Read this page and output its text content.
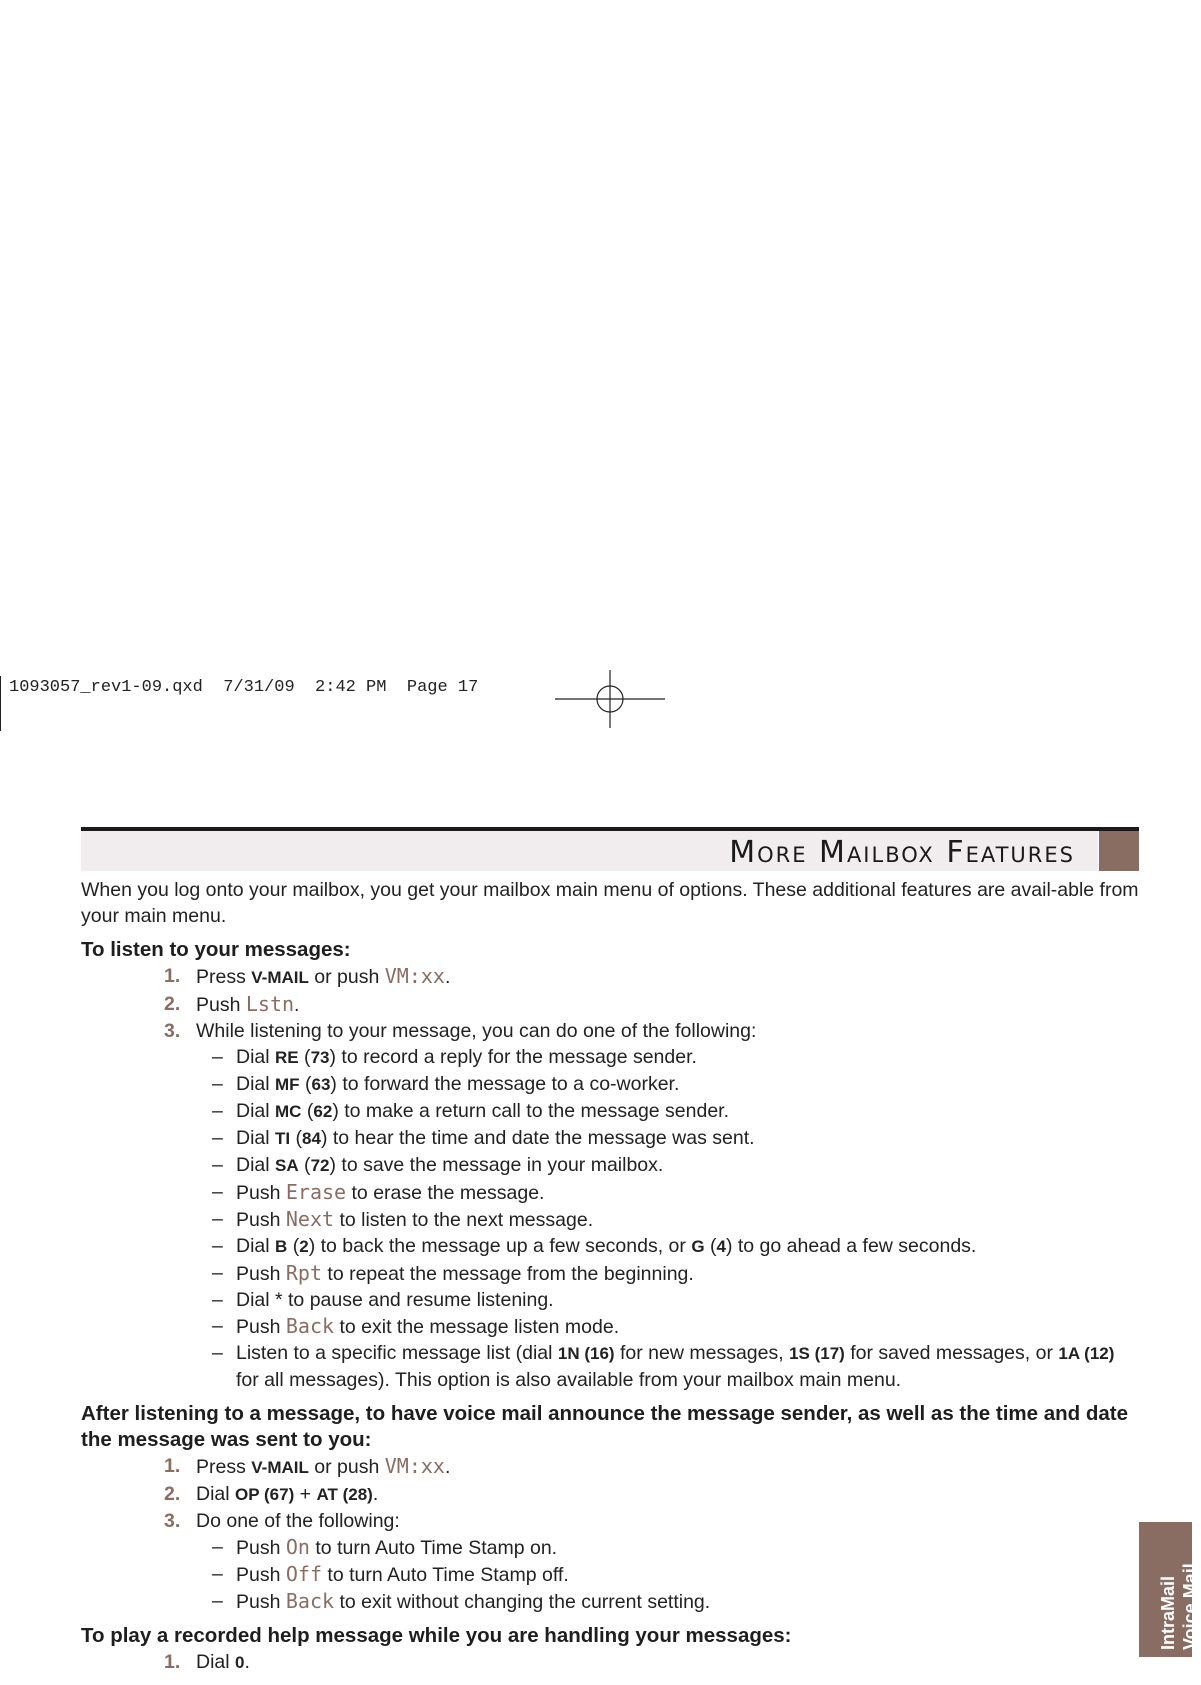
1093057_rev1-09.qxd  7/31/09  2:42 PM  Page 17
More Mailbox Features
IntraMail Voice Mail

When you log onto your mailbox, you get your mailbox main menu of options. These additional features are avail-able from your main menu.

To listen to your messages:
1. Press V-MAIL or push VM:xx.
2. Push Lstn.
3. While listening to your message, you can do one of the following:
– Dial RE (73) to record a reply for the message sender.
– Dial MF (63) to forward the message to a co-worker.
– Dial MC (62) to make a return call to the message sender.
– Dial TI (84) to hear the time and date the message was sent.
– Dial SA (72) to save the message in your mailbox.
– Push Erase to erase the message.
– Push Next to listen to the next message.
– Dial B (2) to back the message up a few seconds, or G (4) to go ahead a few seconds.
– Push Rpt to repeat the message from the beginning.
– Dial * to pause and resume listening.
– Push Back to exit the message listen mode.
– Listen to a specific message list (dial 1N (16) for new messages, 1S (17) for saved messages, or 1A (12) for all messages). This option is also available from your mailbox main menu.
After listening to a message, to have voice mail announce the message sender, as well as the time and date the message was sent to you:
1. Press V-MAIL or push VM:xx.
2. Dial OP (67) + AT (28).
3. Do one of the following:
– Push On to turn Auto Time Stamp on.
– Push Off to turn Auto Time Stamp off.
– Push Back to exit without changing the current setting.
To play a recorded help message while you are handling your messages:
1. Dial 0.
